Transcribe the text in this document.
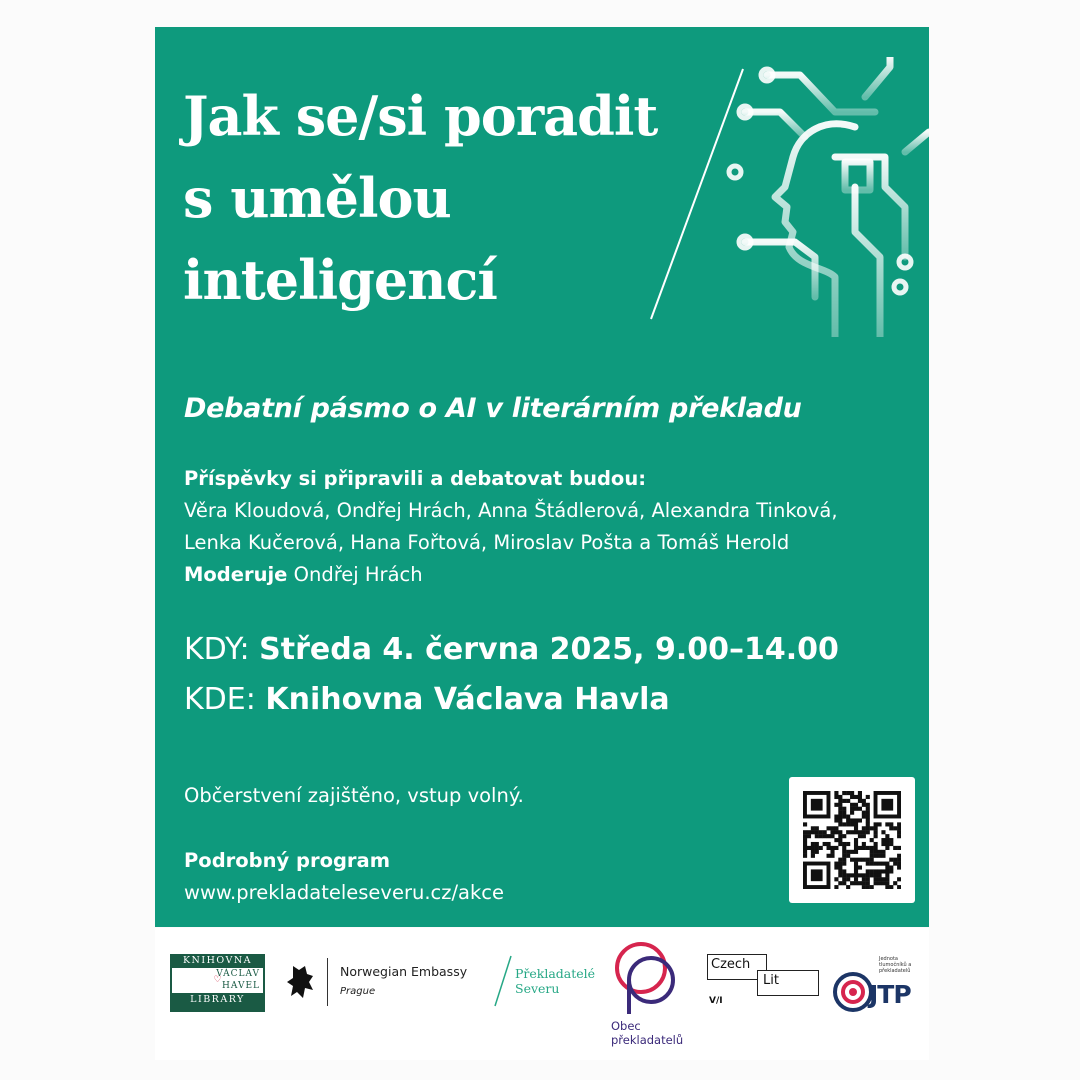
Jak se/si poradit
s umělou
inteligencí
Debatní pásmo o AI v literárním překladu
Příspěvky si připravili a debatovat budou:
Věra Kloudová, Ondřej Hrách, Anna Štádlerová, Alexandra Tinková,
Lenka Kučerová, Hana Fořtová, Miroslav Pošta a Tomáš Herold
Moderuje Ondřej Hrách
KDY: Středa 4. června 2025, 9.00–14.00
KDE: Knihovna Václava Havla
Občerstvení zajištěno, vstup volný.
Podrobný program
www.prekladateleseveru.cz/akce
KNIHOVNA
♡
VÁCLAV
HAVEL
LIBRARY
Norwegian Embassy
Prague
Překladatelé
Severu
Obec
překladatelů
Czech
Lit
V/I
Jednota tlumočníků a překladatelů
JTP
